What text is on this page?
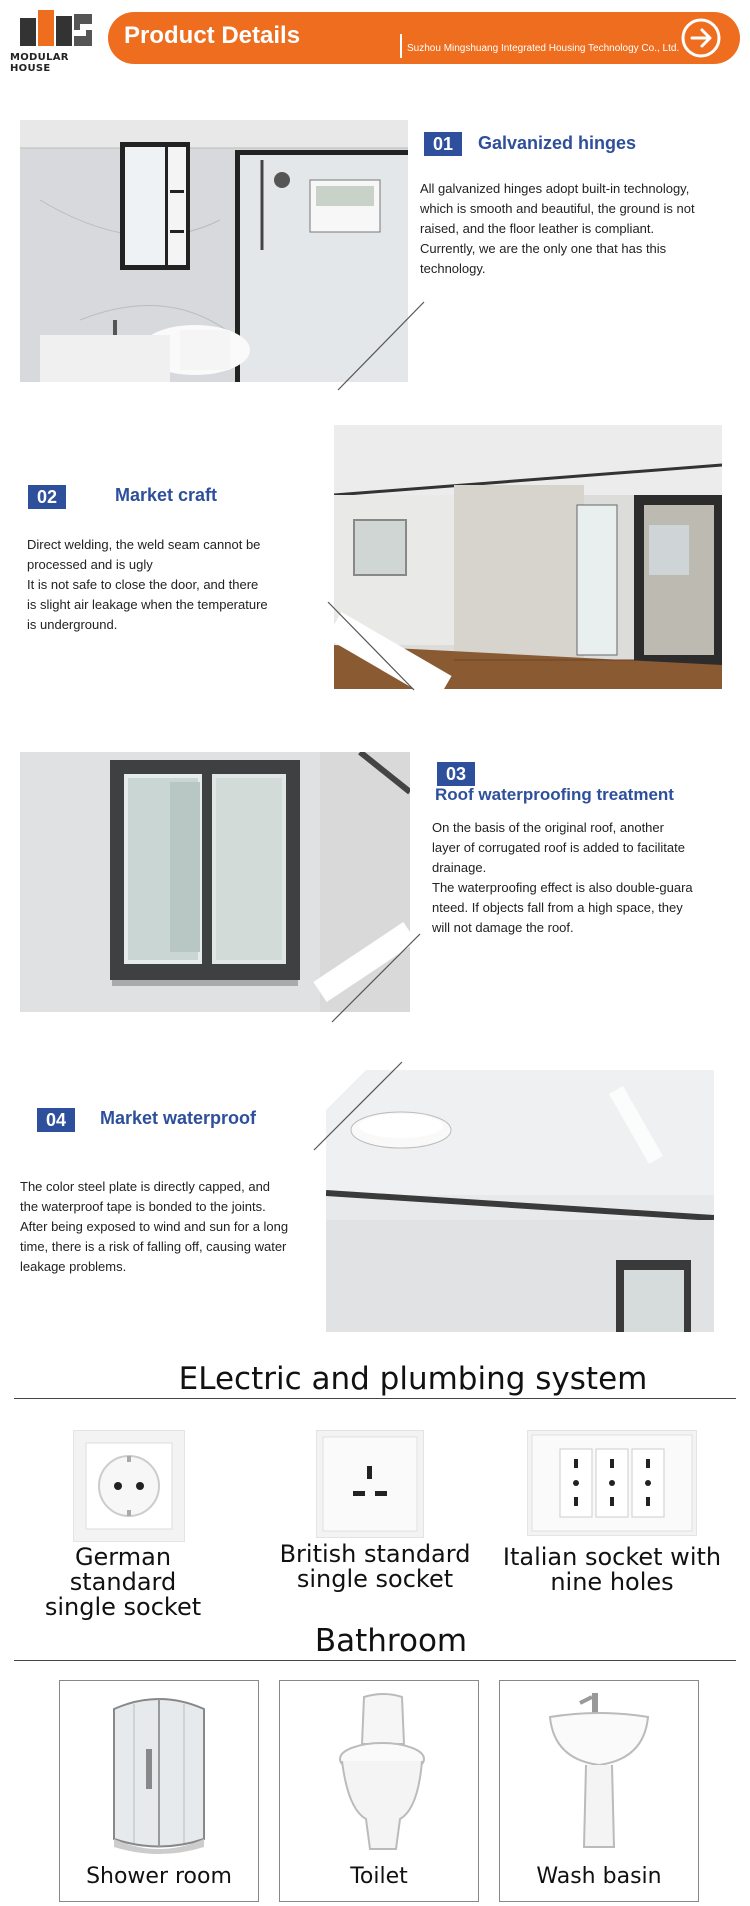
MODULAR HOUSE
Product Details	Suzhou Mingshuang Integrated Housing Technology Co., Ltd.
01	Galvanized hinges
All galvanized hinges adopt built-in technology,
which is smooth and beautiful, the ground is not
raised, and the floor leather is compliant.
Currently, we are the only one that has this
technology.
02	Market craft
Direct welding, the weld seam cannot be
processed and is ugly
It is not safe to close the door, and there
is slight air leakage when the temperature
is underground.
03
Roof waterproofing treatment
On the basis of the original roof, another
layer of corrugated roof is added to facilitate
drainage.
The waterproofing effect is also double-guara
nteed. If objects fall from a high space, they
will not damage the roof.
04	Market waterproof
The color steel plate is directly capped, and
the waterproof tape is bonded to the joints.
After being exposed to wind and sun for a long
time, there is a risk of falling off, causing water
leakage problems.
ELectric and plumbing system
German standard
single socket
British standard
single socket
Italian socket with
nine holes
Bathroom
Shower room	Toilet	Wash basin
